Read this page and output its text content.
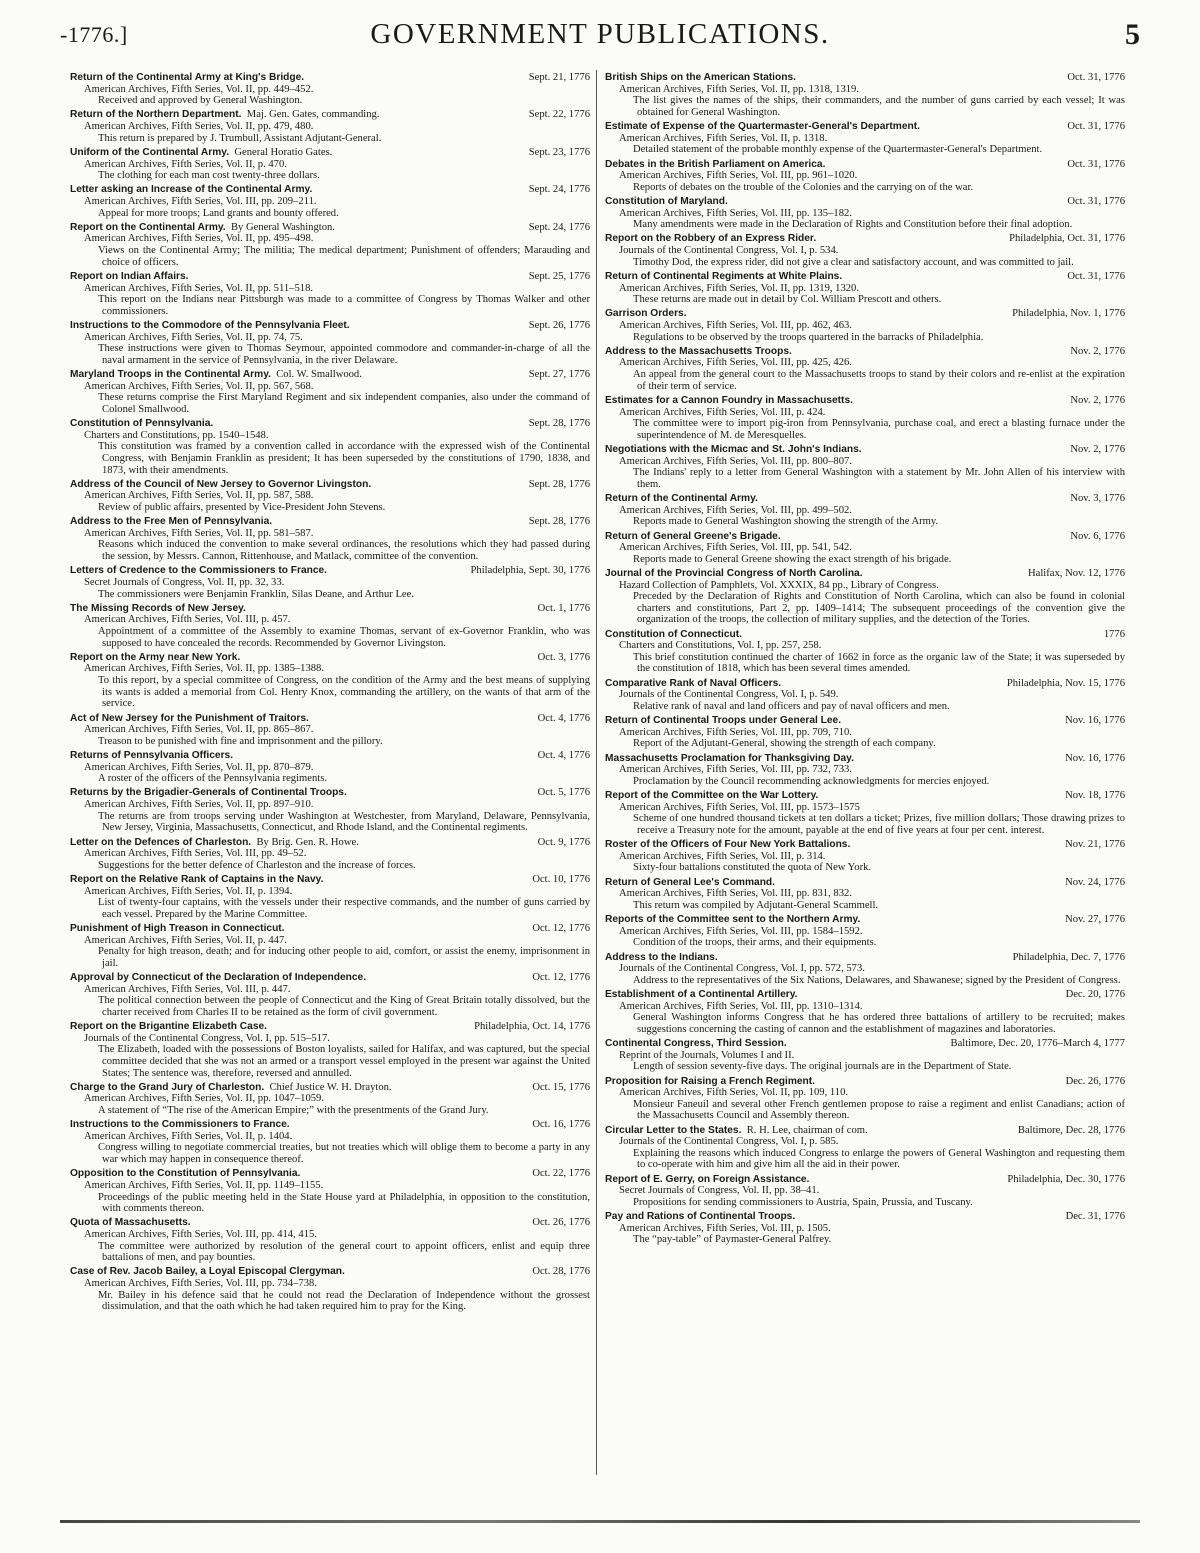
-1776.]	GOVERNMENT PUBLICATIONS.	5
Return of the Continental Army at King's Bridge.	Sept. 21, 1776
American Archives, Fifth Series, Vol. II, pp. 449–452.
Received and approved by General Washington.
Return of the Northern Department. Maj. Gen. Gates, commanding.	Sept. 22, 1776
American Archives, Fifth Series, Vol. II, pp. 479, 480.
This return is prepared by J. Trumbull, Assistant Adjutant-General.
Uniform of the Continental Army. General Horatio Gates.	Sept. 23, 1776
American Archives, Fifth Series, Vol. II, p. 470.
The clothing for each man cost twenty-three dollars.
Letter asking an Increase of the Continental Army.	Sept. 24, 1776
American Archives, Fifth Series, Vol. III, pp. 209–211.
Appeal for more troops; Land grants and bounty offered.
Report on the Continental Army. By General Washington.	Sept. 24, 1776
American Archives, Fifth Series, Vol. II, pp. 495–498.
Views on the Continental Army; The militia; The medical department; Punishment of offenders; Marauding and choice of officers.
Report on Indian Affairs.	Sept. 25, 1776
American Archives, Fifth Series, Vol. II, pp. 511–518.
This report on the Indians near Pittsburgh was made to a committee of Congress by Thomas Walker and other commissioners.
Instructions to the Commodore of the Pennsylvania Fleet.	Sept. 26, 1776
American Archives, Fifth Series, Vol. II, pp. 74, 75.
These instructions were given to Thomas Seymour, appointed commodore and commander-in-charge of all the naval armament in the service of Pennsylvania, in the river Delaware.
Maryland Troops in the Continental Army. Col. W. Smallwood.	Sept. 27, 1776
American Archives, Fifth Series, Vol. II, pp. 567, 568.
These returns comprise the First Maryland Regiment and six independent companies, also under the command of Colonel Smallwood.
Constitution of Pennsylvania.	Sept. 28, 1776
Charters and Constitutions, pp. 1540–1548.
This constitution was framed by a convention called in accordance with the expressed wish of the Continental Congress, with Benjamin Franklin as president; It has been superseded by the constitutions of 1790, 1838, and 1873, with their amendments.
Address of the Council of New Jersey to Governor Livingston.	Sept. 28, 1776
American Archives, Fifth Series, Vol. II, pp. 587, 588.
Review of public affairs, presented by Vice-President John Stevens.
Address to the Free Men of Pennsylvania.	Sept. 28, 1776
American Archives, Fifth Series, Vol. II, pp. 581–587.
Reasons which induced the convention to make several ordinances, the resolutions which they had passed during the session, by Messrs. Cannon, Rittenhouse, and Matlack, committee of the convention.
Letters of Credence to the Commissioners to France.	Philadelphia, Sept. 30, 1776
Secret Journals of Congress, Vol. II, pp. 32, 33.
The commissioners were Benjamin Franklin, Silas Deane, and Arthur Lee.
The Missing Records of New Jersey.	Oct. 1, 1776
American Archives, Fifth Series, Vol. III, p. 457.
Appointment of a committee of the Assembly to examine Thomas, servant of ex-Governor Franklin, who was supposed to have concealed the records. Recommended by Governor Livingston.
Report on the Army near New York.	Oct. 3, 1776
American Archives, Fifth Series, Vol. II, pp. 1385–1388.
To this report, by a special committee of Congress, on the condition of the Army and the best means of supplying its wants is added a memorial from Col. Henry Knox, commanding the artillery, on the wants of that arm of the service.
Act of New Jersey for the Punishment of Traitors.	Oct. 4, 1776
American Archives, Fifth Series, Vol. II, pp. 865–867.
Treason to be punished with fine and imprisonment and the pillory.
Returns of Pennsylvania Officers.	Oct. 4, 1776
American Archives, Fifth Series, Vol. II, pp. 870–879.
A roster of the officers of the Pennsylvania regiments.
Returns by the Brigadier-Generals of Continental Troops.	Oct. 5, 1776
American Archives, Fifth Series, Vol. II, pp. 897–910.
The returns are from troops serving under Washington at Westchester, from Maryland, Delaware, Pennsylvania, New Jersey, Virginia, Massachusetts, Connecticut, and Rhode Island, and the Continental regiments.
Letter on the Defences of Charleston. By Brig. Gen. R. Howe.	Oct. 9, 1776
American Archives, Fifth Series, Vol. III, pp. 49–52.
Suggestions for the better defence of Charleston and the increase of forces.
Report on the Relative Rank of Captains in the Navy.	Oct. 10, 1776
American Archives, Fifth Series, Vol. II, p. 1394.
List of twenty-four captains, with the vessels under their respective commands, and the number of guns carried by each vessel. Prepared by the Marine Committee.
Punishment of High Treason in Connecticut.	Oct. 12, 1776
American Archives, Fifth Series, Vol. II, p. 447.
Penalty for high treason, death; and for inducing other people to aid, comfort, or assist the enemy, imprisonment in jail.
Approval by Connecticut of the Declaration of Independence.	Oct. 12, 1776
American Archives, Fifth Series, Vol. III, p. 447.
The political connection between the people of Connecticut and the King of Great Britain totally dissolved, but the charter received from Charles II to be retained as the form of civil government.
Report on the Brigantine Elizabeth Case.	Philadelphia, Oct. 14, 1776
Journals of the Continental Congress, Vol. I, pp. 515–517.
The Elizabeth, loaded with the possessions of Boston loyalists, sailed for Halifax, and was captured, but the special committee decided that she was not an armed or a transport vessel employed in the present war against the United States; The sentence was, therefore, reversed and annulled.
Charge to the Grand Jury of Charleston. Chief Justice W. H. Drayton.	Oct. 15, 1776
American Archives, Fifth Series, Vol. II, pp. 1047–1059.
A statement of “The rise of the American Empire;” with the presentments of the Grand Jury.
Instructions to the Commissioners to France.	Oct. 16, 1776
American Archives, Fifth Series, Vol. II, p. 1404.
Congress willing to negotiate commercial treaties, but not treaties which will oblige them to become a party in any war which may happen in consequence thereof.
Opposition to the Constitution of Pennsylvania.	Oct. 22, 1776
American Archives, Fifth Series, Vol. II, pp. 1149–1155.
Proceedings of the public meeting held in the State House yard at Philadelphia, in opposition to the constitution, with comments thereon.
Quota of Massachusetts.	Oct. 26, 1776
American Archives, Fifth Series, Vol. III, pp. 414, 415.
The committee were authorized by resolution of the general court to appoint officers, enlist and equip three battalions of men, and pay bounties.
Case of Rev. Jacob Bailey, a Loyal Episcopal Clergyman.	Oct. 28, 1776
American Archives, Fifth Series, Vol. III, pp. 734–738.
Mr. Bailey in his defence said that he could not read the Declaration of Independence without the grossest dissimulation, and that the oath which he had taken required him to pray for the King.
British Ships on the American Stations.	Oct. 31, 1776
American Archives, Fifth Series, Vol. II, pp. 1318, 1319.
The list gives the names of the ships, their commanders, and the number of guns carried by each vessel; It was obtained for General Washington.
Estimate of Expense of the Quartermaster-General's Department.	Oct. 31, 1776
American Archives, Fifth Series, Vol. II, p. 1318.
Detailed statement of the probable monthly expense of the Quartermaster-General's Department.
Debates in the British Parliament on America.	Oct. 31, 1776
American Archives, Fifth Series, Vol. III, pp. 961–1020.
Reports of debates on the trouble of the Colonies and the carrying on of the war.
Constitution of Maryland.	Oct. 31, 1776
American Archives, Fifth Series, Vol. III, pp. 135–182.
Many amendments were made in the Declaration of Rights and Constitution before their final adoption.
Report on the Robbery of an Express Rider.	Philadelphia, Oct. 31, 1776
Journals of the Continental Congress, Vol. I, p. 534.
Timothy Dod, the express rider, did not give a clear and satisfactory account, and was committed to jail.
Return of Continental Regiments at White Plains.	Oct. 31, 1776
American Archives, Fifth Series, Vol. II, pp. 1319, 1320.
These returns are made out in detail by Col. William Prescott and others.
Garrison Orders.	Philadelphia, Nov. 1, 1776
American Archives, Fifth Series, Vol. III, pp. 462, 463.
Regulations to be observed by the troops quartered in the barracks of Philadelphia.
Address to the Massachusetts Troops.	Nov. 2, 1776
American Archives, Fifth Series, Vol. III, pp. 425, 426.
An appeal from the general court to the Massachusetts troops to stand by their colors and re-enlist at the expiration of their term of service.
Estimates for a Cannon Foundry in Massachusetts.	Nov. 2, 1776
American Archives, Fifth Series, Vol. III, p. 424.
The committee were to import pig-iron from Pennsylvania, purchase coal, and erect a blasting furnace under the superintendence of M. de Meresquelles.
Negotiations with the Micmac and St. John's Indians.	Nov. 2, 1776
American Archives, Fifth Series, Vol. III, pp. 800–807.
The Indians' reply to a letter from General Washington with a statement by Mr. John Allen of his interview with them.
Return of the Continental Army.	Nov. 3, 1776
American Archives, Fifth Series, Vol. III, pp. 499–502.
Reports made to General Washington showing the strength of the Army.
Return of General Greene's Brigade.	Nov. 6, 1776
American Archives, Fifth Series, Vol. III, pp. 541, 542.
Reports made to General Greene showing the exact strength of his brigade.
Journal of the Provincial Congress of North Carolina.	Halifax, Nov. 12, 1776
Hazard Collection of Pamphlets, Vol. XXXIX, 84 pp., Library of Congress.
Preceded by the Declaration of Rights and Constitution of North Carolina, which can also be found in colonial charters and constitutions, Part 2, pp. 1409–1414; The subsequent proceedings of the convention give the organization of the troops, the collection of military supplies, and the detection of the Tories.
Constitution of Connecticut.	1776
Charters and Constitutions, Vol. I, pp. 257, 258.
This brief constitution continued the charter of 1662 in force as the organic law of the State; it was superseded by the constitution of 1818, which has been several times amended.
Comparative Rank of Naval Officers.	Philadelphia, Nov. 15, 1776
Journals of the Continental Congress, Vol. I, p. 549.
Relative rank of naval and land officers and pay of naval officers and men.
Return of Continental Troops under General Lee.	Nov. 16, 1776
American Archives, Fifth Series, Vol. III, pp. 709, 710.
Report of the Adjutant-General, showing the strength of each company.
Massachusetts Proclamation for Thanksgiving Day.	Nov. 16, 1776
American Archives, Fifth Series, Vol. III, pp. 732, 733.
Proclamation by the Council recommending acknowledgments for mercies enjoyed.
Report of the Committee on the War Lottery.	Nov. 18, 1776
American Archives, Fifth Series, Vol. III, pp. 1573–1575
Scheme of one hundred thousand tickets at ten dollars a ticket; Prizes, five million dollars; Those drawing prizes to receive a Treasury note for the amount, payable at the end of five years at four per cent. interest.
Roster of the Officers of Four New York Battalions.	Nov. 21, 1776
American Archives, Fifth Series, Vol. III, p. 314.
Sixty-four battalions constituted the quota of New York.
Return of General Lee's Command.	Nov. 24, 1776
American Archives, Fifth Series, Vol. III, pp. 831, 832.
This return was compiled by Adjutant-General Scammell.
Reports of the Committee sent to the Northern Army.	Nov. 27, 1776
American Archives, Fifth Series, Vol. III, pp. 1584–1592.
Condition of the troops, their arms, and their equipments.
Address to the Indians.	Philadelphia, Dec. 7, 1776
Journals of the Continental Congress, Vol. I, pp. 572, 573.
Address to the representatives of the Six Nations, Delawares, and Shawanese; signed by the President of Congress.
Establishment of a Continental Artillery.	Dec. 20, 1776
American Archives, Fifth Series, Vol. III, pp. 1310–1314.
General Washington informs Congress that he has ordered three battalions of artillery to be recruited; makes suggestions concerning the casting of cannon and the establishment of magazines and laboratories.
Continental Congress, Third Session.	Baltimore, Dec. 20, 1776–March 4, 1777
Reprint of the Journals, Volumes I and II.
Length of session seventy-five days. The original journals are in the Department of State.
Proposition for Raising a French Regiment.	Dec. 26, 1776
American Archives, Fifth Series, Vol. II, pp. 109, 110.
Monsieur Faneuil and several other French gentlemen propose to raise a regiment and enlist Canadians; action of the Massachusetts Council and Assembly thereon.
Circular Letter to the States. R. H. Lee, chairman of com.	Baltimore, Dec. 28, 1776
Journals of the Continental Congress, Vol. I, p. 585.
Explaining the reasons which induced Congress to enlarge the powers of General Washington and requesting them to co-operate with him and give him all the aid in their power.
Report of E. Gerry, on Foreign Assistance.	Philadelphia, Dec. 30, 1776
Secret Journals of Congress, Vol. II, pp. 38–41.
Propositions for sending commissioners to Austria, Spain, Prussia, and Tuscany.
Pay and Rations of Continental Troops.	Dec. 31, 1776
American Archives, Fifth Series, Vol. III, p. 1505.
The “pay-table” of Paymaster-General Palfrey.
